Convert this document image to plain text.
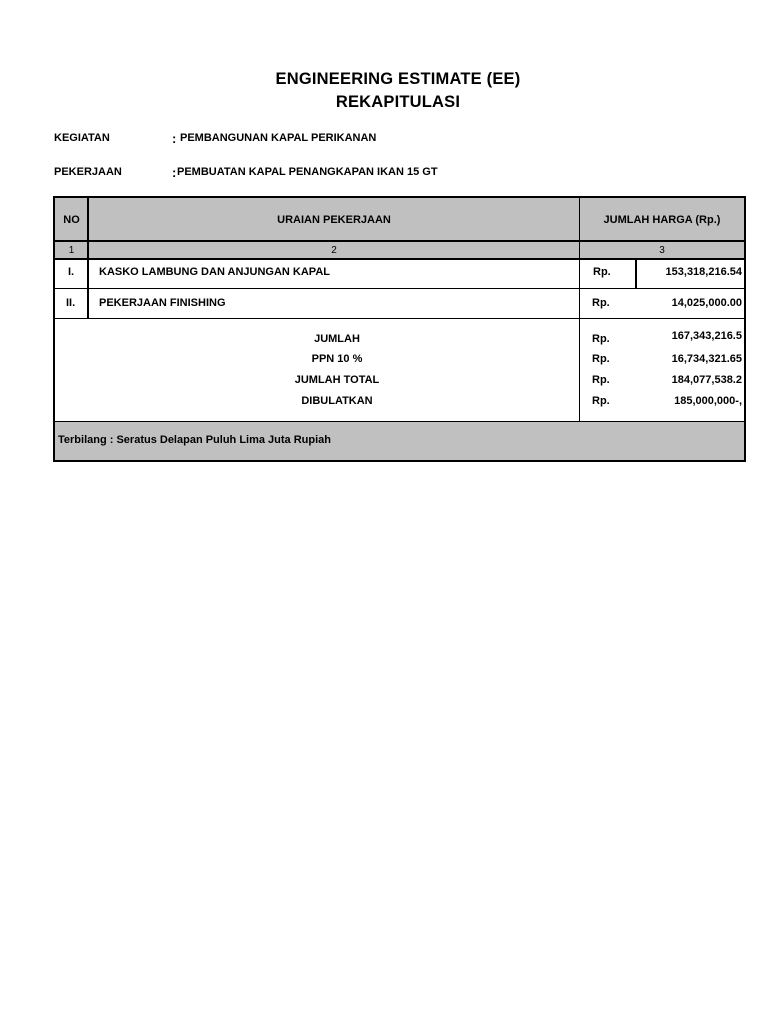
ENGINEERING ESTIMATE (EE)
REKAPITULASI
KEGIATAN	: PEMBANGUNAN KAPAL PERIKANAN
PEKERJAAN	: PEMBUATAN KAPAL PENANGKAPAN IKAN 15 GT
NO	URAIAN PEKERJAAN	JUMLAH HARGA (Rp.)
1	2	3
I. KASKO LAMBUNG DAN ANJUNGAN KAPAL	Rp.	153,318,216.54
II. PEKERJAAN FINISHING	Rp.	14,025,000.00
JUMLAH	Rp.	167,343,216.5
PPN 10 %	Rp.	16,734,321.65
JUMLAH TOTAL	Rp.	184,077,538.2
DIBULATKAN	Rp.	185,000,000-,
Terbilang : Seratus Delapan Puluh Lima Juta Rupiah
